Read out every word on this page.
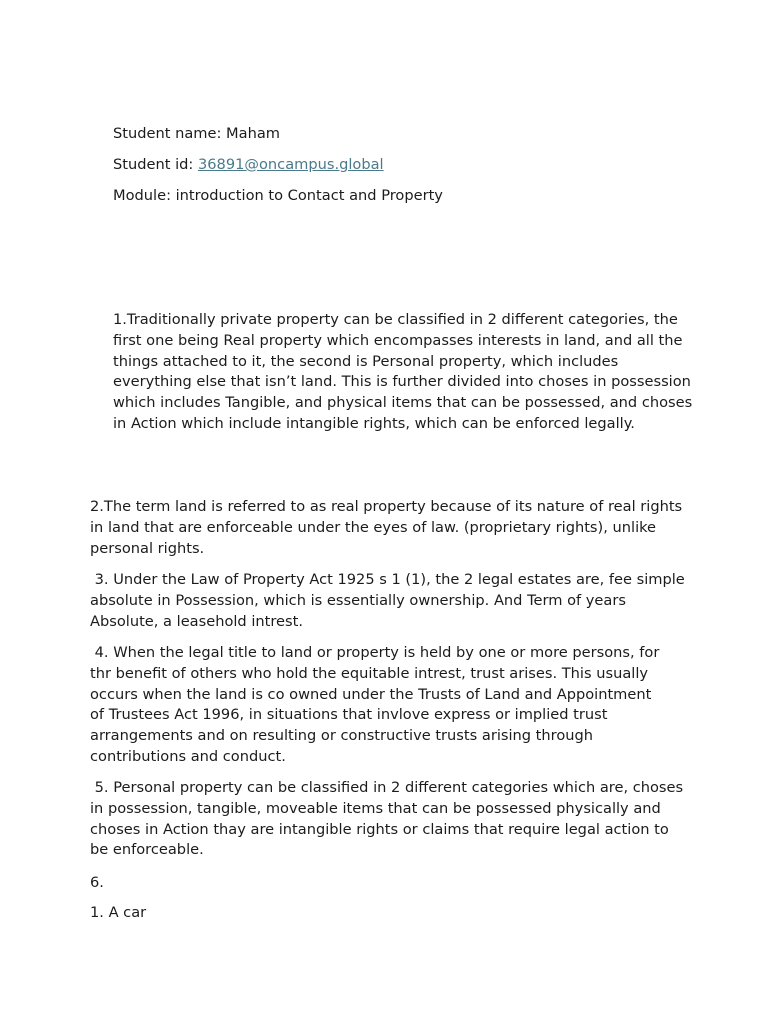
Student name: Maham

Student id: 36891@oncampus.global

Module: introduction to Contact and Property

1.Traditionally private property can be classified in 2 different categories, the first one being Real property which encompasses interests in land, and all the things attached to it, the second is Personal property, which includes everything else that isn’t land. This is further divided into choses in possession which includes Tangible, and physical items that can be possessed, and choses in Action which include intangible rights, which can be enforced legally.

2.The term land is referred to as real property because of its nature of real rights in land that are enforceable under the eyes of law. (proprietary rights), unlike personal rights.

3. Under the Law of Property Act 1925 s 1 (1), the 2 legal estates are, fee simple absolute in Possession, which is essentially ownership. And Term of years Absolute, a leasehold intrest.

4. When the legal title to land or property is held by one or more persons, for thr benefit of others who hold the equitable intrest, trust arises. This usually occurs when the land is co owned under the Trusts of Land and Appointment of Trustees Act 1996, in situations that invlove express or implied trust arrangements and on resulting or constructive trusts arising through contributions and conduct.

5. Personal property can be classified in 2 different categories which are, choses in possession, tangible, moveable items that can be possessed physically and choses in Action thay are intangible rights or claims that require legal action to be enforceable.

6.

1. A car
